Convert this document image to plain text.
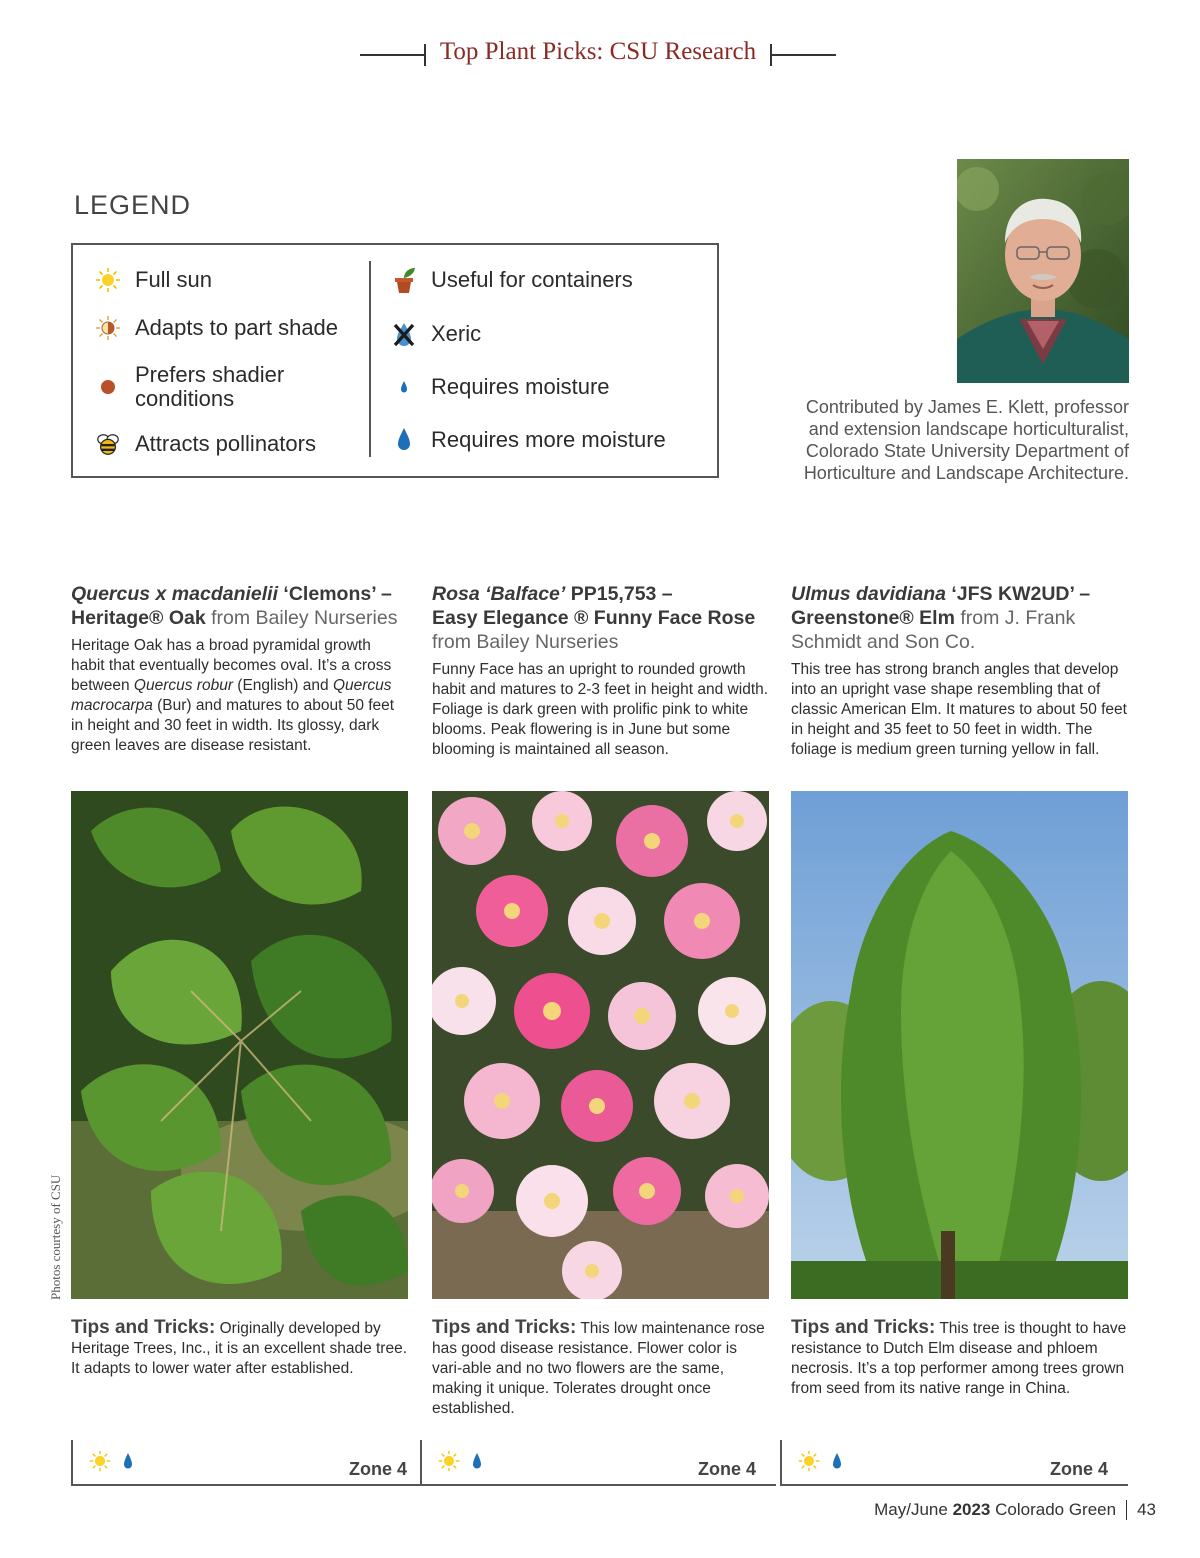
Top Plant Picks: CSU Research
LEGEND
Full sun
Adapts to part shade
Prefers shadier
conditions
Attracts pollinators
Useful for containers
Xeric
Requires moisture
Requires more moisture
Contributed by James E. Klett, professor
and extension landscape horticulturalist,
Colorado State University Department of
Horticulture and Landscape Architecture.
Quercus x macdanielii ‘Clemons’ –
Heritage® Oak from Bailey Nurseries
Heritage Oak has a broad pyramidal growth habit that eventually becomes oval. It’s a cross between Quercus robur (English) and Quercus macrocarpa (Bur) and matures to about 50 feet in height and 30 feet in width. Its glossy, dark green leaves are disease resistant.
Tips and Tricks: Originally developed by Heritage Trees, Inc., it is an excellent shade tree. It adapts to lower water after established.
Zone 4
Rosa ‘Balface’ PP15,753 –
Easy Elegance ® Funny Face Rose
from Bailey Nurseries
Funny Face has an upright to rounded growth habit and matures to 2-3 feet in height and width. Foliage is dark green with prolific pink to white blooms. Peak flowering is in June but some blooming is maintained all season.
Tips and Tricks: This low maintenance rose has good disease resistance. Flower color is vari-able and no two flowers are the same, making it unique. Tolerates drought once established.
Zone 4
Ulmus davidiana ‘JFS KW2UD’ –
Greenstone® Elm from J. Frank Schmidt and Son Co.
This tree has strong branch angles that develop into an upright vase shape resembling that of classic American Elm. It matures to about 50 feet in height and 35 feet to 50 feet in width. The foliage is medium green turning yellow in fall.
Tips and Tricks: This tree is thought to have resistance to Dutch Elm disease and phloem necrosis. It’s a top performer among trees grown from seed from its native range in China.
Zone 4
Photos courtesy of CSU
May/June 2023 Colorado Green 43
